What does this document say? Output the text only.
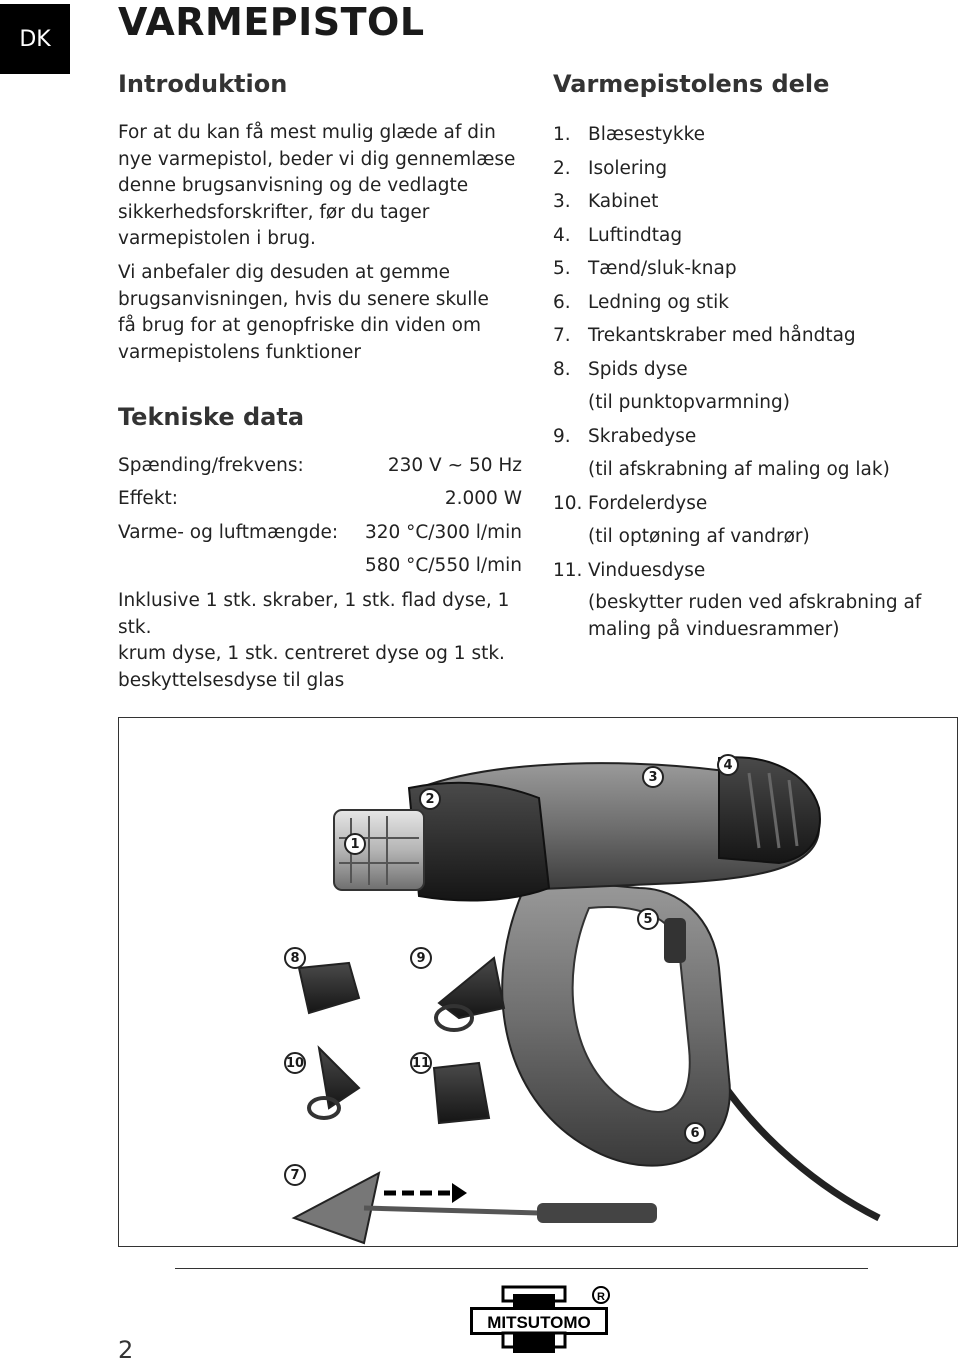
DK VARMEPISTOL
Introduktion
For at du kan få mest mulig glæde af din
nye varmepistol, beder vi dig gennemlæse
denne brugsanvisning og de vedlagte
sikkerhedsforskrifter, før du tager
varmepistolen i brug.
Vi anbefaler dig desuden at gemme
brugsanvisningen, hvis du senere skulle
få brug for at genopfriske din viden om
varmepistolens funktioner
Tekniske data
Spænding/frekvens:	230 V ~ 50 Hz
Effekt:	2.000 W
Varme- og luftmængde:	320 °C/300 l/min
580 °C/550 l/min
Inklusive 1 stk. skraber, 1 stk. flad dyse, 1 stk.
krum dyse, 1 stk. centreret dyse og 1 stk.
beskyttelsesdyse til glas
Varmepistolens dele
1. Blæsestykke
2. Isolering
3. Kabinet
4. Luftindtag
5. Tænd/sluk-knap
6. Ledning og stik
7. Trekantskraber med håndtag
8. Spids dyse
(til punktopvarmning)
9. Skrabedyse
(til afskrabning af maling og lak)
10. Fordelerdyse
(til optøning af vandrør)
11. Vinduesdyse
(beskytter ruden ved afskrabning af
maling på vinduesrammer)
1
2
3
4
5
6
7
8	9
10	11
2
MITSUTOMO
R
